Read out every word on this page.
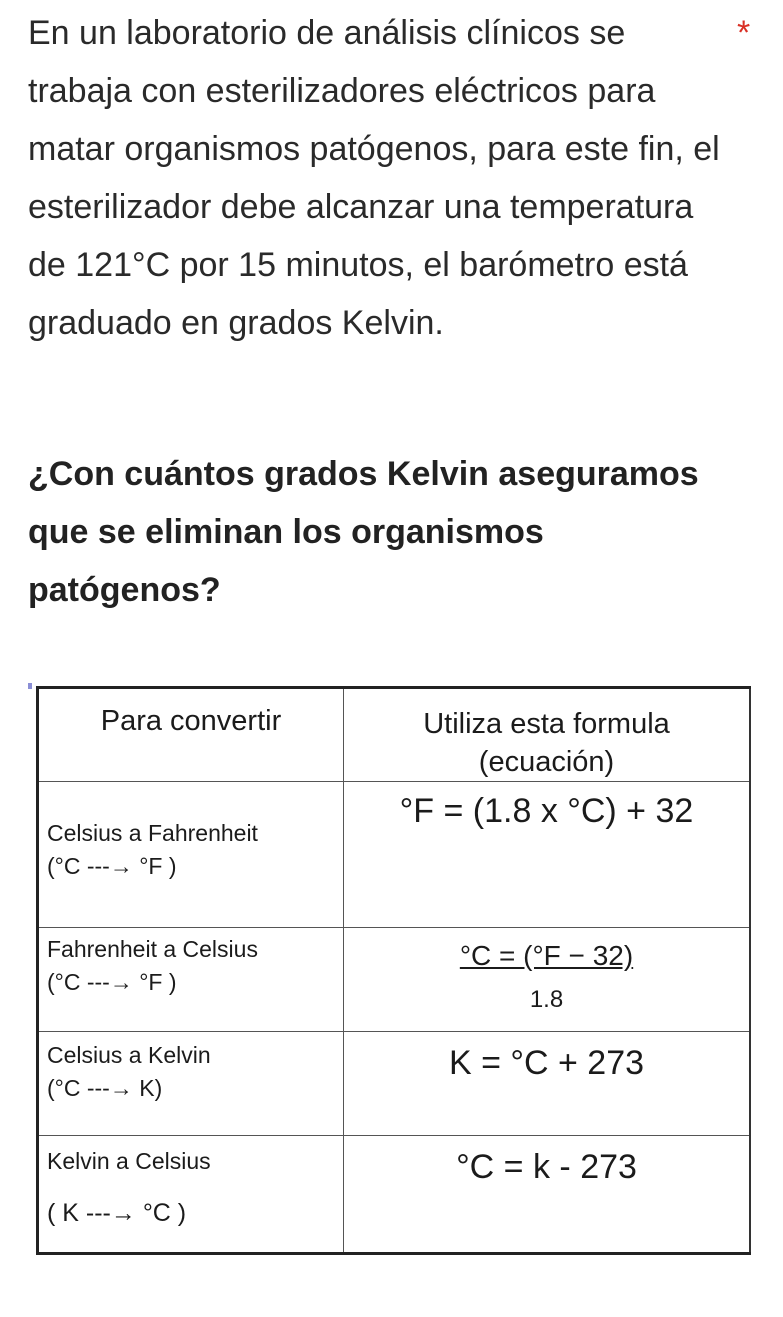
En un laboratorio de análisis clínicos se trabaja con esterilizadores eléctricos para matar organismos patógenos, para este fin, el esterilizador debe alcanzar una temperatura de 121°C por 15 minutos, el barómetro está graduado en grados Kelvin.
*
¿Con cuántos grados Kelvin aseguramos que se eliminan los organismos patógenos?
Para convertir	Utiliza esta formula (ecuación)

Celsius a Fahrenheit
(°C ---→ °F )	°F = (1.8 x °C) + 32

Fahrenheit a Celsius
(°C ---→ °F )	°C = (°F − 32)
1.8

Celsius a Kelvin
(°C ---→ K)	K = °C + 273

Kelvin a Celsius
( K ---→ °C )	°C = k - 273
